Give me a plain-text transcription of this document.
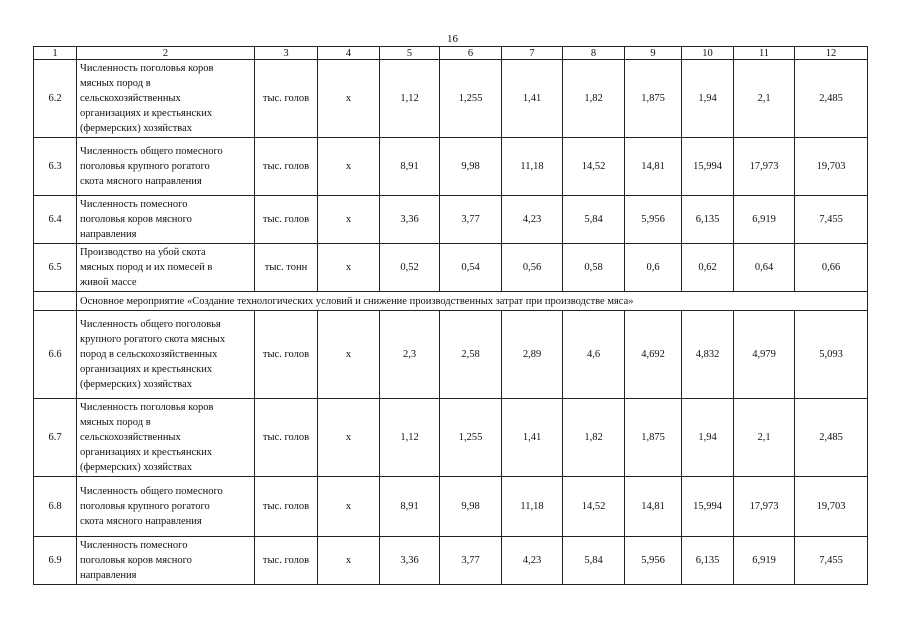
16
1	2	3	4	5	6	7	8	9	10	11	12
6.2	Численность поголовья коров
мясных пород в
сельскохозяйственных
организациях и крестьянских
(фермерских) хозяйствах	тыс. голов	x	1,12	1,255	1,41	1,82	1,875	1,94	2,1	2,485
6.3	Численность общего помесного
поголовья крупного рогатого
скота мясного направления	тыс. голов	x	8,91	9,98	11,18	14,52	14,81	15,994	17,973	19,703
6.4	Численность помесного
поголовья коров мясного
направления	тыс. голов	x	3,36	3,77	4,23	5,84	5,956	6,135	6,919	7,455
6.5	Производство на убой скота
мясных пород и их помесей в
живой массе	тыс. тонн	x	0,52	0,54	0,56	0,58	0,6	0,62	0,64	0,66
	Основное мероприятие «Создание технологических условий и снижение производственных затрат при производстве мяса»										
6.6	Численность общего поголовья
крупного рогатого скота мясных
пород в сельскохозяйственных
организациях и крестьянских
(фермерских) хозяйствах	тыс. голов	x	2,3	2,58	2,89	4,6	4,692	4,832	4,979	5,093
6.7	Численность поголовья коров
мясных пород в
сельскохозяйственных
организациях и крестьянских
(фермерских) хозяйствах	тыс. голов	x	1,12	1,255	1,41	1,82	1,875	1,94	2,1	2,485
6.8	Численность общего помесного
поголовья крупного рогатого
скота мясного направления	тыс. голов	x	8,91	9,98	11,18	14,52	14,81	15,994	17,973	19,703
6.9	Численность помесного
поголовья коров мясного
направления	тыс. голов	x	3,36	3,77	4,23	5,84	5,956	6,135	6,919	7,455
